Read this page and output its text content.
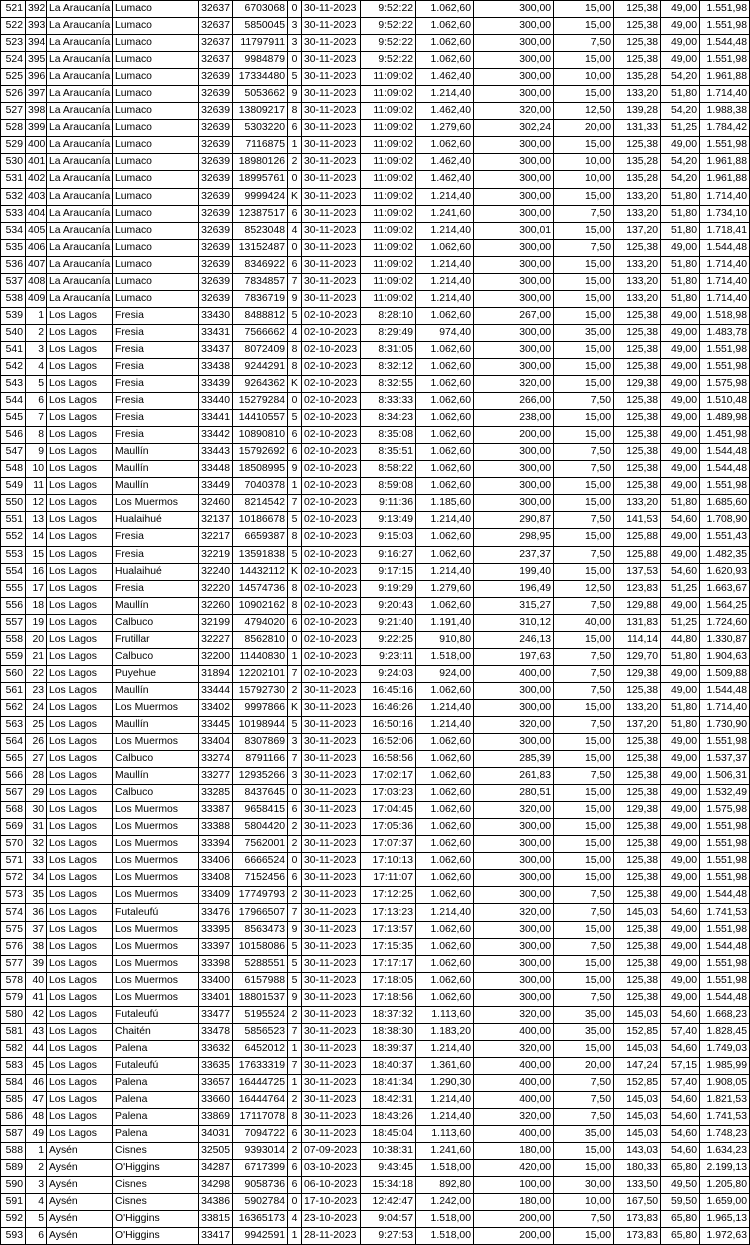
521	392	La Araucanía	Lumaco	32637	6703068	0	30-11-2023	9:52:22	1.062,60	300,00	15,00	125,38	49,00	1.551,98
522	393	La Araucanía	Lumaco	32637	5850045	3	30-11-2023	9:52:22	1.062,60	300,00	15,00	125,38	49,00	1.551,98
523	394	La Araucanía	Lumaco	32637	11797911	3	30-11-2023	9:52:22	1.062,60	300,00	7,50	125,38	49,00	1.544,48
524	395	La Araucanía	Lumaco	32637	9984879	0	30-11-2023	9:52:22	1.062,60	300,00	15,00	125,38	49,00	1.551,98
525	396	La Araucanía	Lumaco	32639	17334480	5	30-11-2023	11:09:02	1.462,40	300,00	10,00	135,28	54,20	1.961,88
526	397	La Araucanía	Lumaco	32639	5053662	9	30-11-2023	11:09:02	1.214,40	300,00	15,00	133,20	51,80	1.714,40
527	398	La Araucanía	Lumaco	32639	13809217	8	30-11-2023	11:09:02	1.462,40	320,00	12,50	139,28	54,20	1.988,38
528	399	La Araucanía	Lumaco	32639	5303220	6	30-11-2023	11:09:02	1.279,60	302,24	20,00	131,33	51,25	1.784,42
529	400	La Araucanía	Lumaco	32639	7116875	1	30-11-2023	11:09:02	1.062,60	300,00	15,00	125,38	49,00	1.551,98
530	401	La Araucanía	Lumaco	32639	18980126	2	30-11-2023	11:09:02	1.462,40	300,00	10,00	135,28	54,20	1.961,88
531	402	La Araucanía	Lumaco	32639	18995761	0	30-11-2023	11:09:02	1.462,40	300,00	10,00	135,28	54,20	1.961,88
532	403	La Araucanía	Lumaco	32639	9999424	K	30-11-2023	11:09:02	1.214,40	300,00	15,00	133,20	51,80	1.714,40
533	404	La Araucanía	Lumaco	32639	12387517	6	30-11-2023	11:09:02	1.241,60	300,00	7,50	133,20	51,80	1.734,10
534	405	La Araucanía	Lumaco	32639	8523048	4	30-11-2023	11:09:02	1.214,40	300,01	15,00	137,20	51,80	1.718,41
535	406	La Araucanía	Lumaco	32639	13152487	0	30-11-2023	11:09:02	1.062,60	300,00	7,50	125,38	49,00	1.544,48
536	407	La Araucanía	Lumaco	32639	8346922	6	30-11-2023	11:09:02	1.214,40	300,00	15,00	133,20	51,80	1.714,40
537	408	La Araucanía	Lumaco	32639	7834857	7	30-11-2023	11:09:02	1.214,40	300,00	15,00	133,20	51,80	1.714,40
538	409	La Araucanía	Lumaco	32639	7836719	9	30-11-2023	11:09:02	1.214,40	300,00	15,00	133,20	51,80	1.714,40
539	1	Los Lagos	Fresia	33430	8488812	5	02-10-2023	8:28:10	1.062,60	267,00	15,00	125,38	49,00	1.518,98
540	2	Los Lagos	Fresia	33431	7566662	4	02-10-2023	8:29:49	974,40	300,00	35,00	125,38	49,00	1.483,78
541	3	Los Lagos	Fresia	33437	8072409	8	02-10-2023	8:31:05	1.062,60	300,00	15,00	125,38	49,00	1.551,98
542	4	Los Lagos	Fresia	33438	9244291	8	02-10-2023	8:32:12	1.062,60	300,00	15,00	125,38	49,00	1.551,98
543	5	Los Lagos	Fresia	33439	9264362	K	02-10-2023	8:32:55	1.062,60	320,00	15,00	129,38	49,00	1.575,98
544	6	Los Lagos	Fresia	33440	15279284	0	02-10-2023	8:33:33	1.062,60	266,00	7,50	125,38	49,00	1.510,48
545	7	Los Lagos	Fresia	33441	14410557	5	02-10-2023	8:34:23	1.062,60	238,00	15,00	125,38	49,00	1.489,98
546	8	Los Lagos	Fresia	33442	10890810	6	02-10-2023	8:35:08	1.062,60	200,00	15,00	125,38	49,00	1.451,98
547	9	Los Lagos	Maullín	33443	15792692	6	02-10-2023	8:35:51	1.062,60	300,00	7,50	125,38	49,00	1.544,48
548	10	Los Lagos	Maullín	33448	18508995	9	02-10-2023	8:58:22	1.062,60	300,00	7,50	125,38	49,00	1.544,48
549	11	Los Lagos	Maullín	33449	7040378	1	02-10-2023	8:59:08	1.062,60	300,00	15,00	125,38	49,00	1.551,98
550	12	Los Lagos	Los Muermos	32460	8214542	7	02-10-2023	9:11:36	1.185,60	300,00	15,00	133,20	51,80	1.685,60
551	13	Los Lagos	Hualaihué	32137	10186678	5	02-10-2023	9:13:49	1.214,40	290,87	7,50	141,53	54,60	1.708,90
552	14	Los Lagos	Fresia	32217	6659387	8	02-10-2023	9:15:03	1.062,60	298,95	15,00	125,88	49,00	1.551,43
553	15	Los Lagos	Fresia	32219	13591838	5	02-10-2023	9:16:27	1.062,60	237,37	7,50	125,88	49,00	1.482,35
554	16	Los Lagos	Hualaihué	32240	14432112	K	02-10-2023	9:17:15	1.214,40	199,40	15,00	137,53	54,60	1.620,93
555	17	Los Lagos	Fresia	32220	14574736	8	02-10-2023	9:19:29	1.279,60	196,49	12,50	123,83	51,25	1.663,67
556	18	Los Lagos	Maullín	32260	10902162	8	02-10-2023	9:20:43	1.062,60	315,27	7,50	129,88	49,00	1.564,25
557	19	Los Lagos	Calbuco	32199	4794020	6	02-10-2023	9:21:40	1.191,40	310,12	40,00	131,83	51,25	1.724,60
558	20	Los Lagos	Frutillar	32227	8562810	0	02-10-2023	9:22:25	910,80	246,13	15,00	114,14	44,80	1.330,87
559	21	Los Lagos	Calbuco	32200	11440830	1	02-10-2023	9:23:11	1.518,00	197,63	7,50	129,70	51,80	1.904,63
560	22	Los Lagos	Puyehue	31894	12202101	7	02-10-2023	9:24:03	924,00	400,00	7,50	129,38	49,00	1.509,88
561	23	Los Lagos	Maullín	33444	15792730	2	30-11-2023	16:45:16	1.062,60	300,00	7,50	125,38	49,00	1.544,48
562	24	Los Lagos	Los Muermos	33402	9997866	K	30-11-2023	16:46:26	1.214,40	300,00	15,00	133,20	51,80	1.714,40
563	25	Los Lagos	Maullín	33445	10198944	5	30-11-2023	16:50:16	1.214,40	320,00	7,50	137,20	51,80	1.730,90
564	26	Los Lagos	Los Muermos	33404	8307869	3	30-11-2023	16:52:06	1.062,60	300,00	15,00	125,38	49,00	1.551,98
565	27	Los Lagos	Calbuco	33274	8791166	7	30-11-2023	16:58:56	1.062,60	285,39	15,00	125,38	49,00	1.537,37
566	28	Los Lagos	Maullín	33277	12935266	3	30-11-2023	17:02:17	1.062,60	261,83	7,50	125,38	49,00	1.506,31
567	29	Los Lagos	Calbuco	33285	8437645	0	30-11-2023	17:03:23	1.062,60	280,51	15,00	125,38	49,00	1.532,49
568	30	Los Lagos	Los Muermos	33387	9658415	6	30-11-2023	17:04:45	1.062,60	320,00	15,00	129,38	49,00	1.575,98
569	31	Los Lagos	Los Muermos	33388	5804420	2	30-11-2023	17:05:36	1.062,60	300,00	15,00	125,38	49,00	1.551,98
570	32	Los Lagos	Los Muermos	33394	7562001	2	30-11-2023	17:07:37	1.062,60	300,00	15,00	125,38	49,00	1.551,98
571	33	Los Lagos	Los Muermos	33406	6666524	0	30-11-2023	17:10:13	1.062,60	300,00	15,00	125,38	49,00	1.551,98
572	34	Los Lagos	Los Muermos	33408	7152456	6	30-11-2023	17:11:07	1.062,60	300,00	15,00	125,38	49,00	1.551,98
573	35	Los Lagos	Los Muermos	33409	17749793	2	30-11-2023	17:12:25	1.062,60	300,00	7,50	125,38	49,00	1.544,48
574	36	Los Lagos	Futaleufú	33476	17966507	7	30-11-2023	17:13:23	1.214,40	320,00	7,50	145,03	54,60	1.741,53
575	37	Los Lagos	Los Muermos	33395	8563473	9	30-11-2023	17:13:57	1.062,60	300,00	15,00	125,38	49,00	1.551,98
576	38	Los Lagos	Los Muermos	33397	10158086	5	30-11-2023	17:15:35	1.062,60	300,00	7,50	125,38	49,00	1.544,48
577	39	Los Lagos	Los Muermos	33398	5288551	5	30-11-2023	17:17:17	1.062,60	300,00	15,00	125,38	49,00	1.551,98
578	40	Los Lagos	Los Muermos	33400	6157988	5	30-11-2023	17:18:05	1.062,60	300,00	15,00	125,38	49,00	1.551,98
579	41	Los Lagos	Los Muermos	33401	18801537	9	30-11-2023	17:18:56	1.062,60	300,00	7,50	125,38	49,00	1.544,48
580	42	Los Lagos	Futaleufú	33477	5195524	2	30-11-2023	18:37:32	1.113,60	320,00	35,00	145,03	54,60	1.668,23
581	43	Los Lagos	Chaitén	33478	5856523	7	30-11-2023	18:38:30	1.183,20	400,00	35,00	152,85	57,40	1.828,45
582	44	Los Lagos	Palena	33632	6452012	1	30-11-2023	18:39:37	1.214,40	320,00	15,00	145,03	54,60	1.749,03
583	45	Los Lagos	Futaleufú	33635	17633319	7	30-11-2023	18:40:37	1.361,60	400,00	20,00	147,24	57,15	1.985,99
584	46	Los Lagos	Palena	33657	16444725	1	30-11-2023	18:41:34	1.290,30	400,00	7,50	152,85	57,40	1.908,05
585	47	Los Lagos	Palena	33660	16444764	2	30-11-2023	18:42:31	1.214,40	400,00	7,50	145,03	54,60	1.821,53
586	48	Los Lagos	Palena	33869	17117078	8	30-11-2023	18:43:26	1.214,40	320,00	7,50	145,03	54,60	1.741,53
587	49	Los Lagos	Palena	34031	7094722	6	30-11-2023	18:45:04	1.113,60	400,00	35,00	145,03	54,60	1.748,23
588	1	Aysén	Cisnes	32505	9393014	2	07-09-2023	10:38:31	1.241,60	180,00	15,00	143,03	54,60	1.634,23
589	2	Aysén	O'Higgins	34287	6717399	6	03-10-2023	9:43:45	1.518,00	420,00	15,00	180,33	65,80	2.199,13
590	3	Aysén	Cisnes	34298	9058736	6	06-10-2023	15:34:18	892,80	100,00	30,00	133,50	49,50	1.205,80
591	4	Aysén	Cisnes	34386	5902784	0	17-10-2023	12:42:47	1.242,00	180,00	10,00	167,50	59,50	1.659,00
592	5	Aysén	O'Higgins	33815	16365173	4	23-10-2023	9:04:57	1.518,00	200,00	7,50	173,83	65,80	1.965,13
593	6	Aysén	O'Higgins	33417	9942591	1	28-11-2023	9:27:53	1.518,00	200,00	15,00	173,83	65,80	1.972,63
